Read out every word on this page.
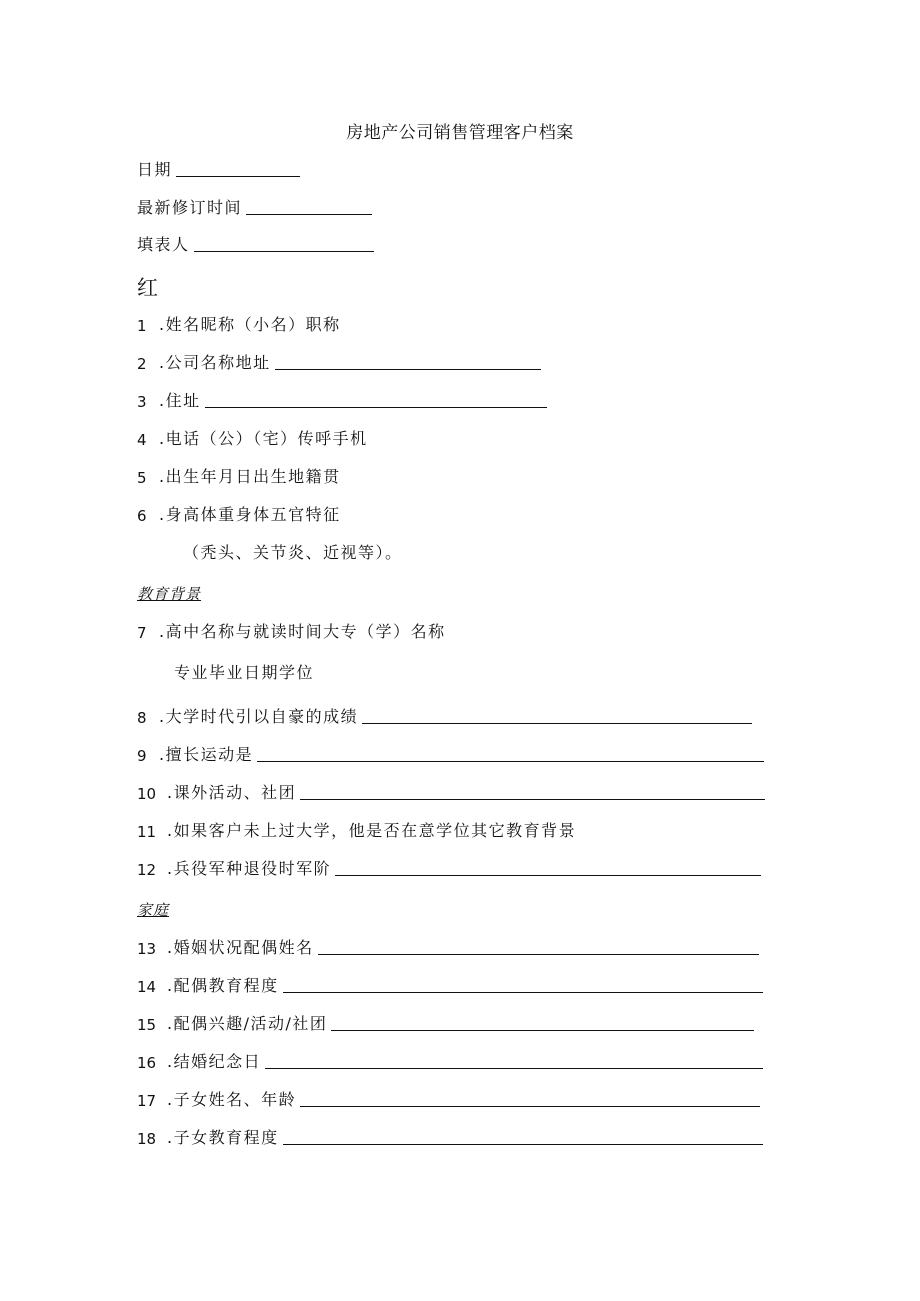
房地产公司销售管理客户档案
日期
最新修订时间
填表人
红
1 .姓名昵称（小名）职称
2 .公司名称地址
3 .住址
4 .电话（公）（宅）传呼手机
5 .出生年月日出生地籍贯
6 .身高体重身体五官特征
（秃头、关节炎、近视等）。
教育背景
7 .高中名称与就读时间大专（学）名称
专业毕业日期学位
8 .大学时代引以自豪的成绩
9 .擅长运动是
10 .课外活动、社团
11 .如果客户未上过大学，他是否在意学位其它教育背景
12 .兵役军种退役时军阶
家庭
13 .婚姻状况配偶姓名
14 .配偶教育程度
15 .配偶兴趣/活动/社团
16 .结婚纪念日
17 .子女姓名、年龄
18 .子女教育程度
